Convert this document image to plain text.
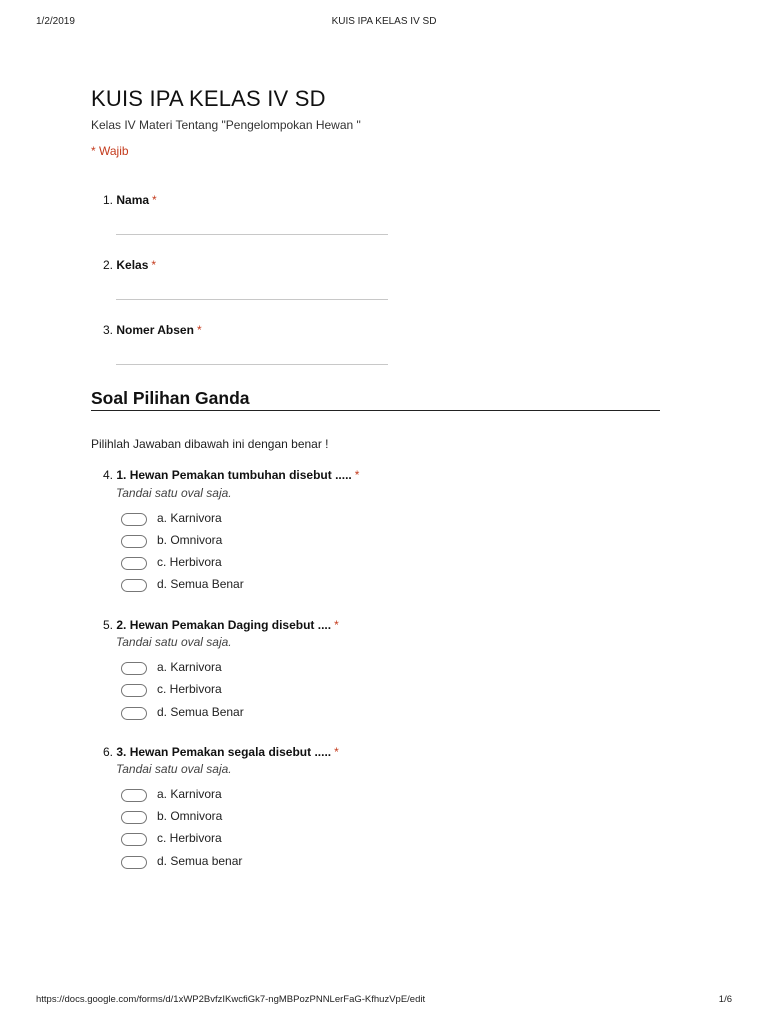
1/2/2019	KUIS IPA KELAS IV SD
KUIS IPA KELAS IV SD
Kelas IV Materi Tentang "Pengelompokan Hewan "
* Wajib
1. Nama *
2. Kelas *
3. Nomer Absen *
Soal Pilihan Ganda
Pilihlah Jawaban dibawah ini dengan benar !
4. 1. Hewan Pemakan tumbuhan disebut ..... *
Tandai satu oval saja.
a. Karnivora
b. Omnivora
c. Herbivora
d. Semua Benar
5. 2. Hewan Pemakan Daging disebut .... *
Tandai satu oval saja.
a. Karnivora
c. Herbivora
d. Semua Benar
6. 3. Hewan Pemakan segala disebut ..... *
Tandai satu oval saja.
a. Karnivora
b. Omnivora
c. Herbivora
d. Semua benar
https://docs.google.com/forms/d/1xWP2BvfzIKwcfiGk7-ngMBPozPNNLerFaG-KfhuzVpE/edit	1/6
